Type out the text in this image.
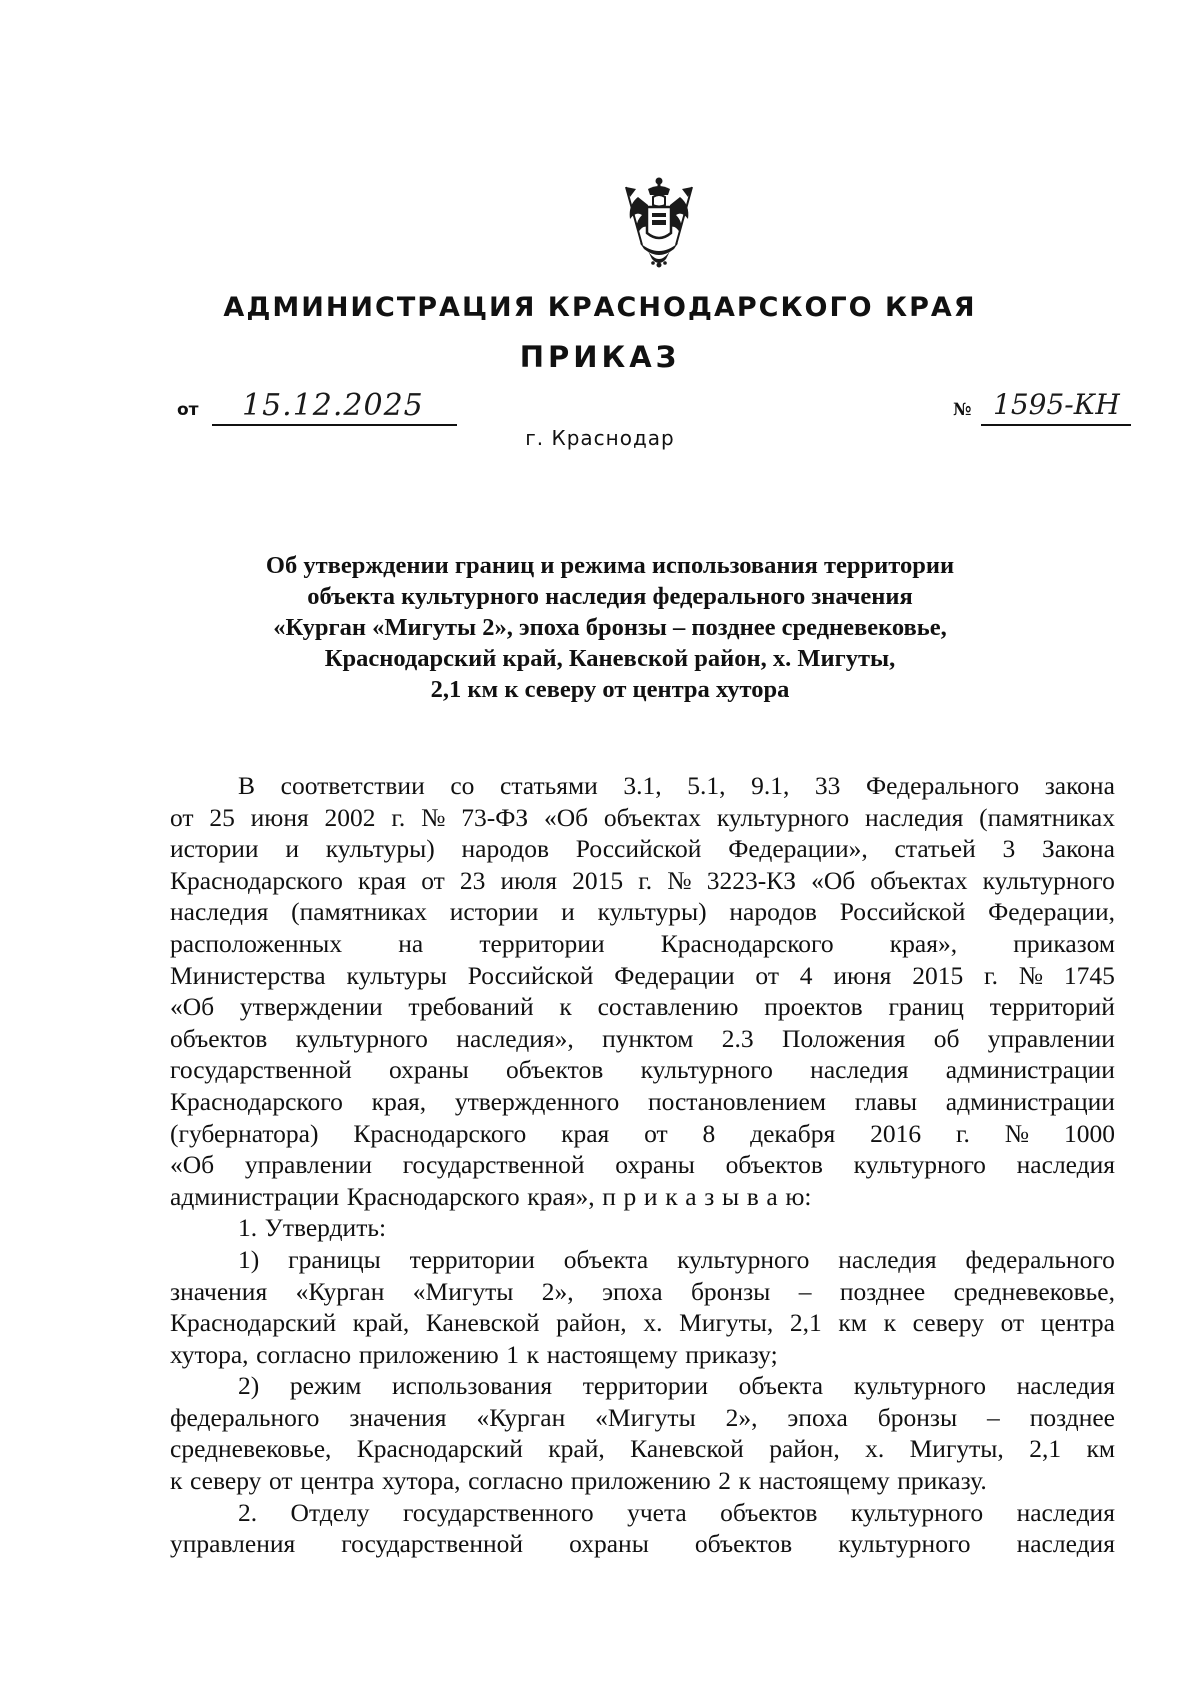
АДМИНИСТРАЦИЯ КРАСНОДАРСКОГО КРАЯ
ПРИКАЗ
от 15.12.2025	№ 1595-КН
г. Краснодар
Об утверждении границ и режима использования территории
объекта культурного наследия федерального значения
«Курган «Мигуты 2», эпоха бронзы – позднее средневековье,
Краснодарский край, Каневской район, х. Мигуты,
2,1 км к северу от центра хутора
В соответствии со статьями 3.1, 5.1, 9.1, 33 Федерального закона
от 25 июня 2002 г. № 73-ФЗ «Об объектах культурного наследия (памятниках
истории и культуры) народов Российской Федерации», статьей 3 Закона
Краснодарского края от 23 июля 2015 г. № 3223-КЗ «Об объектах культурного
наследия (памятниках истории и культуры) народов Российской Федерации,
расположенных на территории Краснодарского края», приказом
Министерства культуры Российской Федерации от 4 июня 2015 г. № 1745
«Об утверждении требований к составлению проектов границ территорий
объектов культурного наследия», пунктом 2.3 Положения об управлении
государственной охраны объектов культурного наследия администрации
Краснодарского края, утвержденного постановлением главы администрации
(губернатора) Краснодарского края от 8 декабря 2016 г. № 1000
«Об управлении государственной охраны объектов культурного наследия
администрации Краснодарского края», п р и к а з ы в а ю:
1. Утвердить:
1) границы территории объекта культурного наследия федерального
значения «Курган «Мигуты 2», эпоха бронзы – позднее средневековье,
Краснодарский край, Каневской район, х. Мигуты, 2,1 км к северу от центра
хутора, согласно приложению 1 к настоящему приказу;
2) режим использования территории объекта культурного наследия
федерального значения «Курган «Мигуты 2», эпоха бронзы – позднее
средневековье, Краснодарский край, Каневской район, х. Мигуты, 2,1 км
к северу от центра хутора, согласно приложению 2 к настоящему приказу.
2. Отделу государственного учета объектов культурного наследия
управления государственной охраны объектов культурного наследия
